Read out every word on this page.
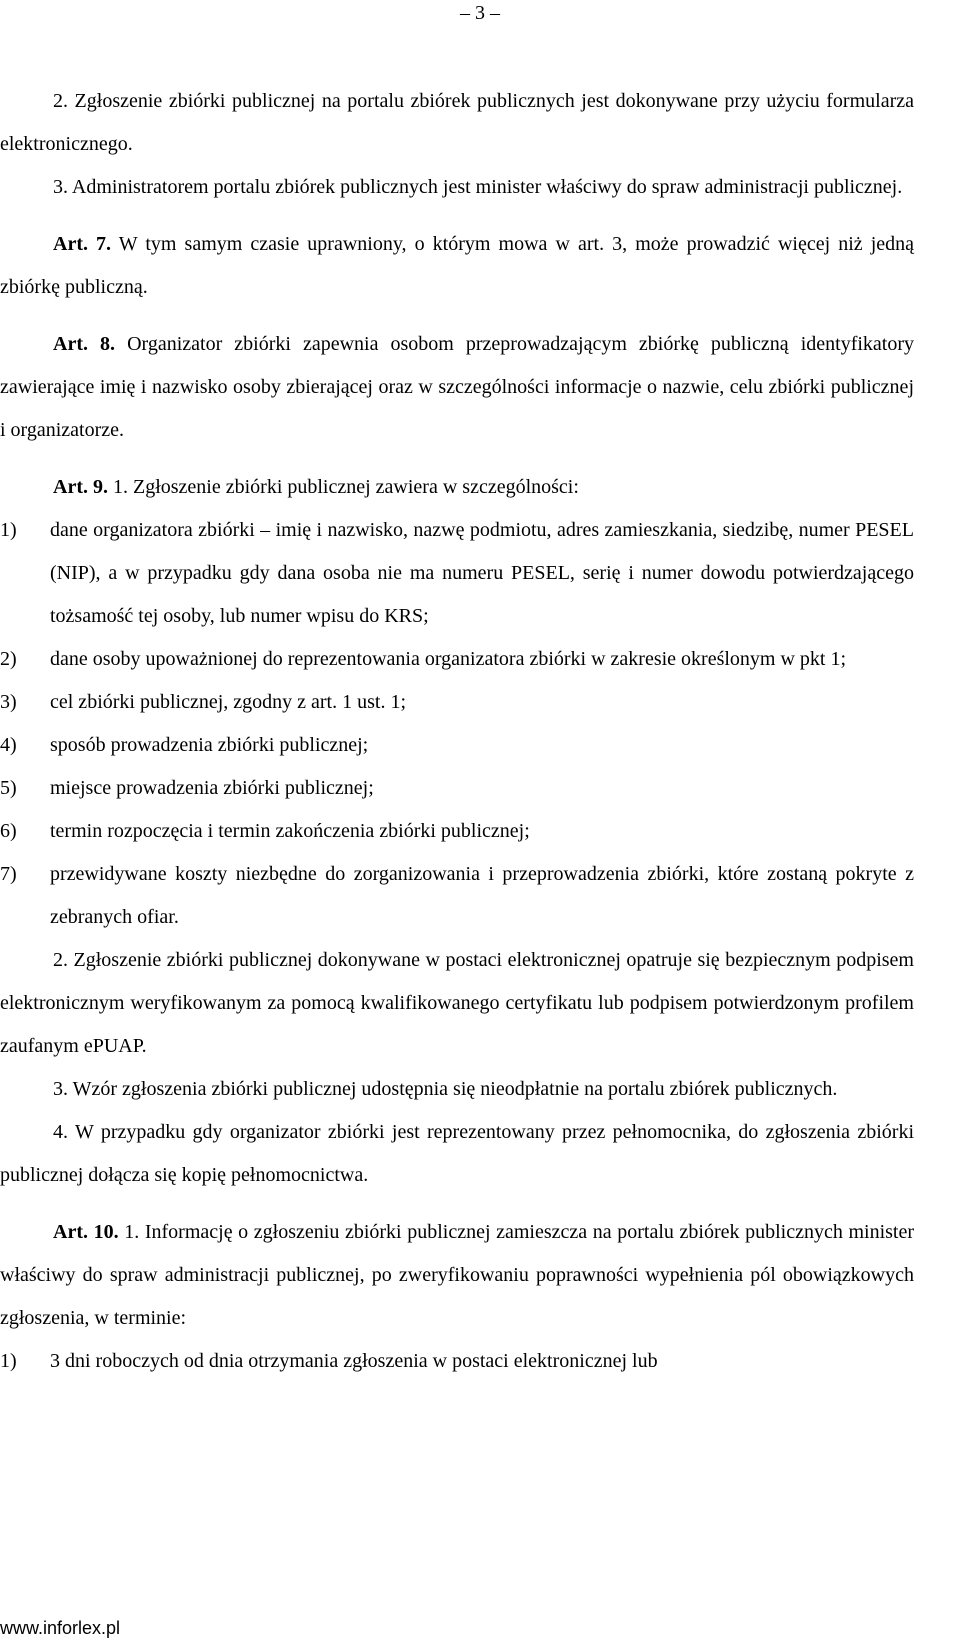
– 3 –

2. Zgłoszenie zbiórki publicznej na portalu zbiórek publicznych jest dokonywane przy użyciu formularza elektronicznego.

3. Administratorem portalu zbiórek publicznych jest minister właściwy do spraw administracji publicznej.

Art. 7. W tym samym czasie uprawniony, o którym mowa w art. 3, może prowadzić więcej niż jedną zbiórkę publiczną.

Art. 8. Organizator zbiórki zapewnia osobom przeprowadzającym zbiórkę publiczną identyfikatory zawierające imię i nazwisko osoby zbierającej oraz w szczególności informacje o nazwie, celu zbiórki publicznej i organizatorze.

Art. 9. 1. Zgłoszenie zbiórki publicznej zawiera w szczególności:

1)	dane organizatora zbiórki – imię i nazwisko, nazwę podmiotu, adres zamieszkania, siedzibę, numer PESEL (NIP), a w przypadku gdy dana osoba nie ma numeru PESEL, serię i numer dowodu potwierdzającego tożsamość tej osoby, lub numer wpisu do KRS;
2)	dane osoby upoważnionej do reprezentowania organizatora zbiórki w zakresie określonym w pkt 1;
3)	cel zbiórki publicznej, zgodny z art. 1 ust. 1;
4)	sposób prowadzenia zbiórki publicznej;
5)	miejsce prowadzenia zbiórki publicznej;
6)	termin rozpoczęcia i termin zakończenia zbiórki publicznej;
7)	przewidywane koszty niezbędne do zorganizowania i przeprowadzenia zbiórki, które zostaną pokryte z zebranych ofiar.

2. Zgłoszenie zbiórki publicznej dokonywane w postaci elektronicznej opatruje się bezpiecznym podpisem elektronicznym weryfikowanym za pomocą kwalifikowanego certyfikatu lub podpisem potwierdzonym profilem zaufanym ePUAP.

3. Wzór zgłoszenia zbiórki publicznej udostępnia się nieodpłatnie na portalu zbiórek publicznych.

4. W przypadku gdy organizator zbiórki jest reprezentowany przez pełnomocnika, do zgłoszenia zbiórki publicznej dołącza się kopię pełnomocnictwa.

Art. 10. 1. Informację o zgłoszeniu zbiórki publicznej zamieszcza na portalu zbiórek publicznych minister właściwy do spraw administracji publicznej, po zweryfikowaniu poprawności wypełnienia pól obowiązkowych zgłoszenia, w terminie:

1)	3 dni roboczych od dnia otrzymania zgłoszenia w postaci elektronicznej lub
www.inforlex.pl
